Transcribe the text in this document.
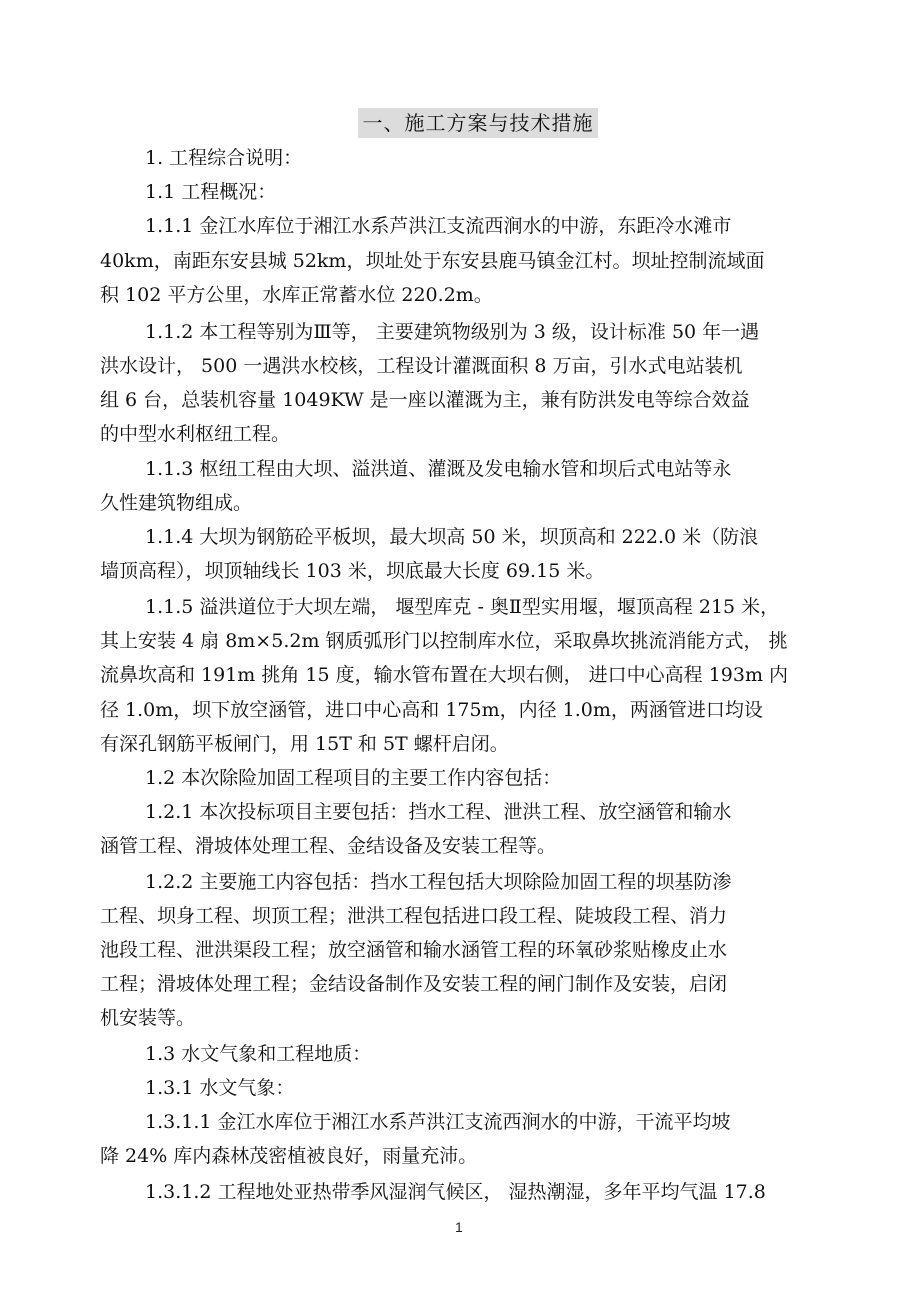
一、施工方案与技术措施
1. 工程综合说明：
1.1 工程概况：
1.1.1 金江水库位于湘江水系芦洪江支流西涧水的中游，东距冷水滩市
40km，南距东安县城 52km，坝址处于东安县鹿马镇金江村。坝址控制流域面
积 102 平方公里，水库正常蓄水位 220.2m。
1.1.2 本工程等别为Ⅲ等， 主要建筑物级别为 3 级，设计标准 50 年一遇
洪水设计， 500 一遇洪水校核，工程设计灌溉面积 8 万亩，引水式电站装机
组 6 台，总装机容量 1049KW 是一座以灌溉为主，兼有防洪发电等综合效益
的中型水利枢纽工程。
1.1.3 枢纽工程由大坝、溢洪道、灌溉及发电输水管和坝后式电站等永
久性建筑物组成。
1.1.4 大坝为钢筋砼平板坝，最大坝高 50 米，坝顶高和 222.0 米（防浪
墙顶高程），坝顶轴线长 103 米，坝底最大长度 69.15 米。
1.1.5 溢洪道位于大坝左端， 堰型库克 - 奥Ⅱ型实用堰，堰顶高程 215 米，
其上安装 4 扇 8m×5.2m 钢质弧形门以控制库水位，采取鼻坎挑流消能方式， 挑
流鼻坎高和 191m 挑角 15 度，输水管布置在大坝右侧， 进口中心高程 193m 内
径 1.0m，坝下放空涵管，进口中心高和 175m，内径 1.0m，两涵管进口均设
有深孔钢筋平板闸门，用 15T 和 5T 螺杆启闭。
1.2 本次除险加固工程项目的主要工作内容包括：
1.2.1 本次投标项目主要包括：挡水工程、泄洪工程、放空涵管和输水
涵管工程、滑坡体处理工程、金结设备及安装工程等。
1.2.2 主要施工内容包括：挡水工程包括大坝除险加固工程的坝基防渗
工程、坝身工程、坝顶工程；泄洪工程包括进口段工程、陡坡段工程、消力
池段工程、泄洪渠段工程；放空涵管和输水涵管工程的环氧砂浆贴橡皮止水
工程；滑坡体处理工程；金结设备制作及安装工程的闸门制作及安装，启闭
机安装等。
1.3 水文气象和工程地质：
1.3.1 水文气象：
1.3.1.1 金江水库位于湘江水系芦洪江支流西涧水的中游，干流平均坡
降 24% 库内森林茂密植被良好，雨量充沛。
1.3.1.2 工程地处亚热带季风湿润气候区， 湿热潮湿，多年平均气温 17.8
1
